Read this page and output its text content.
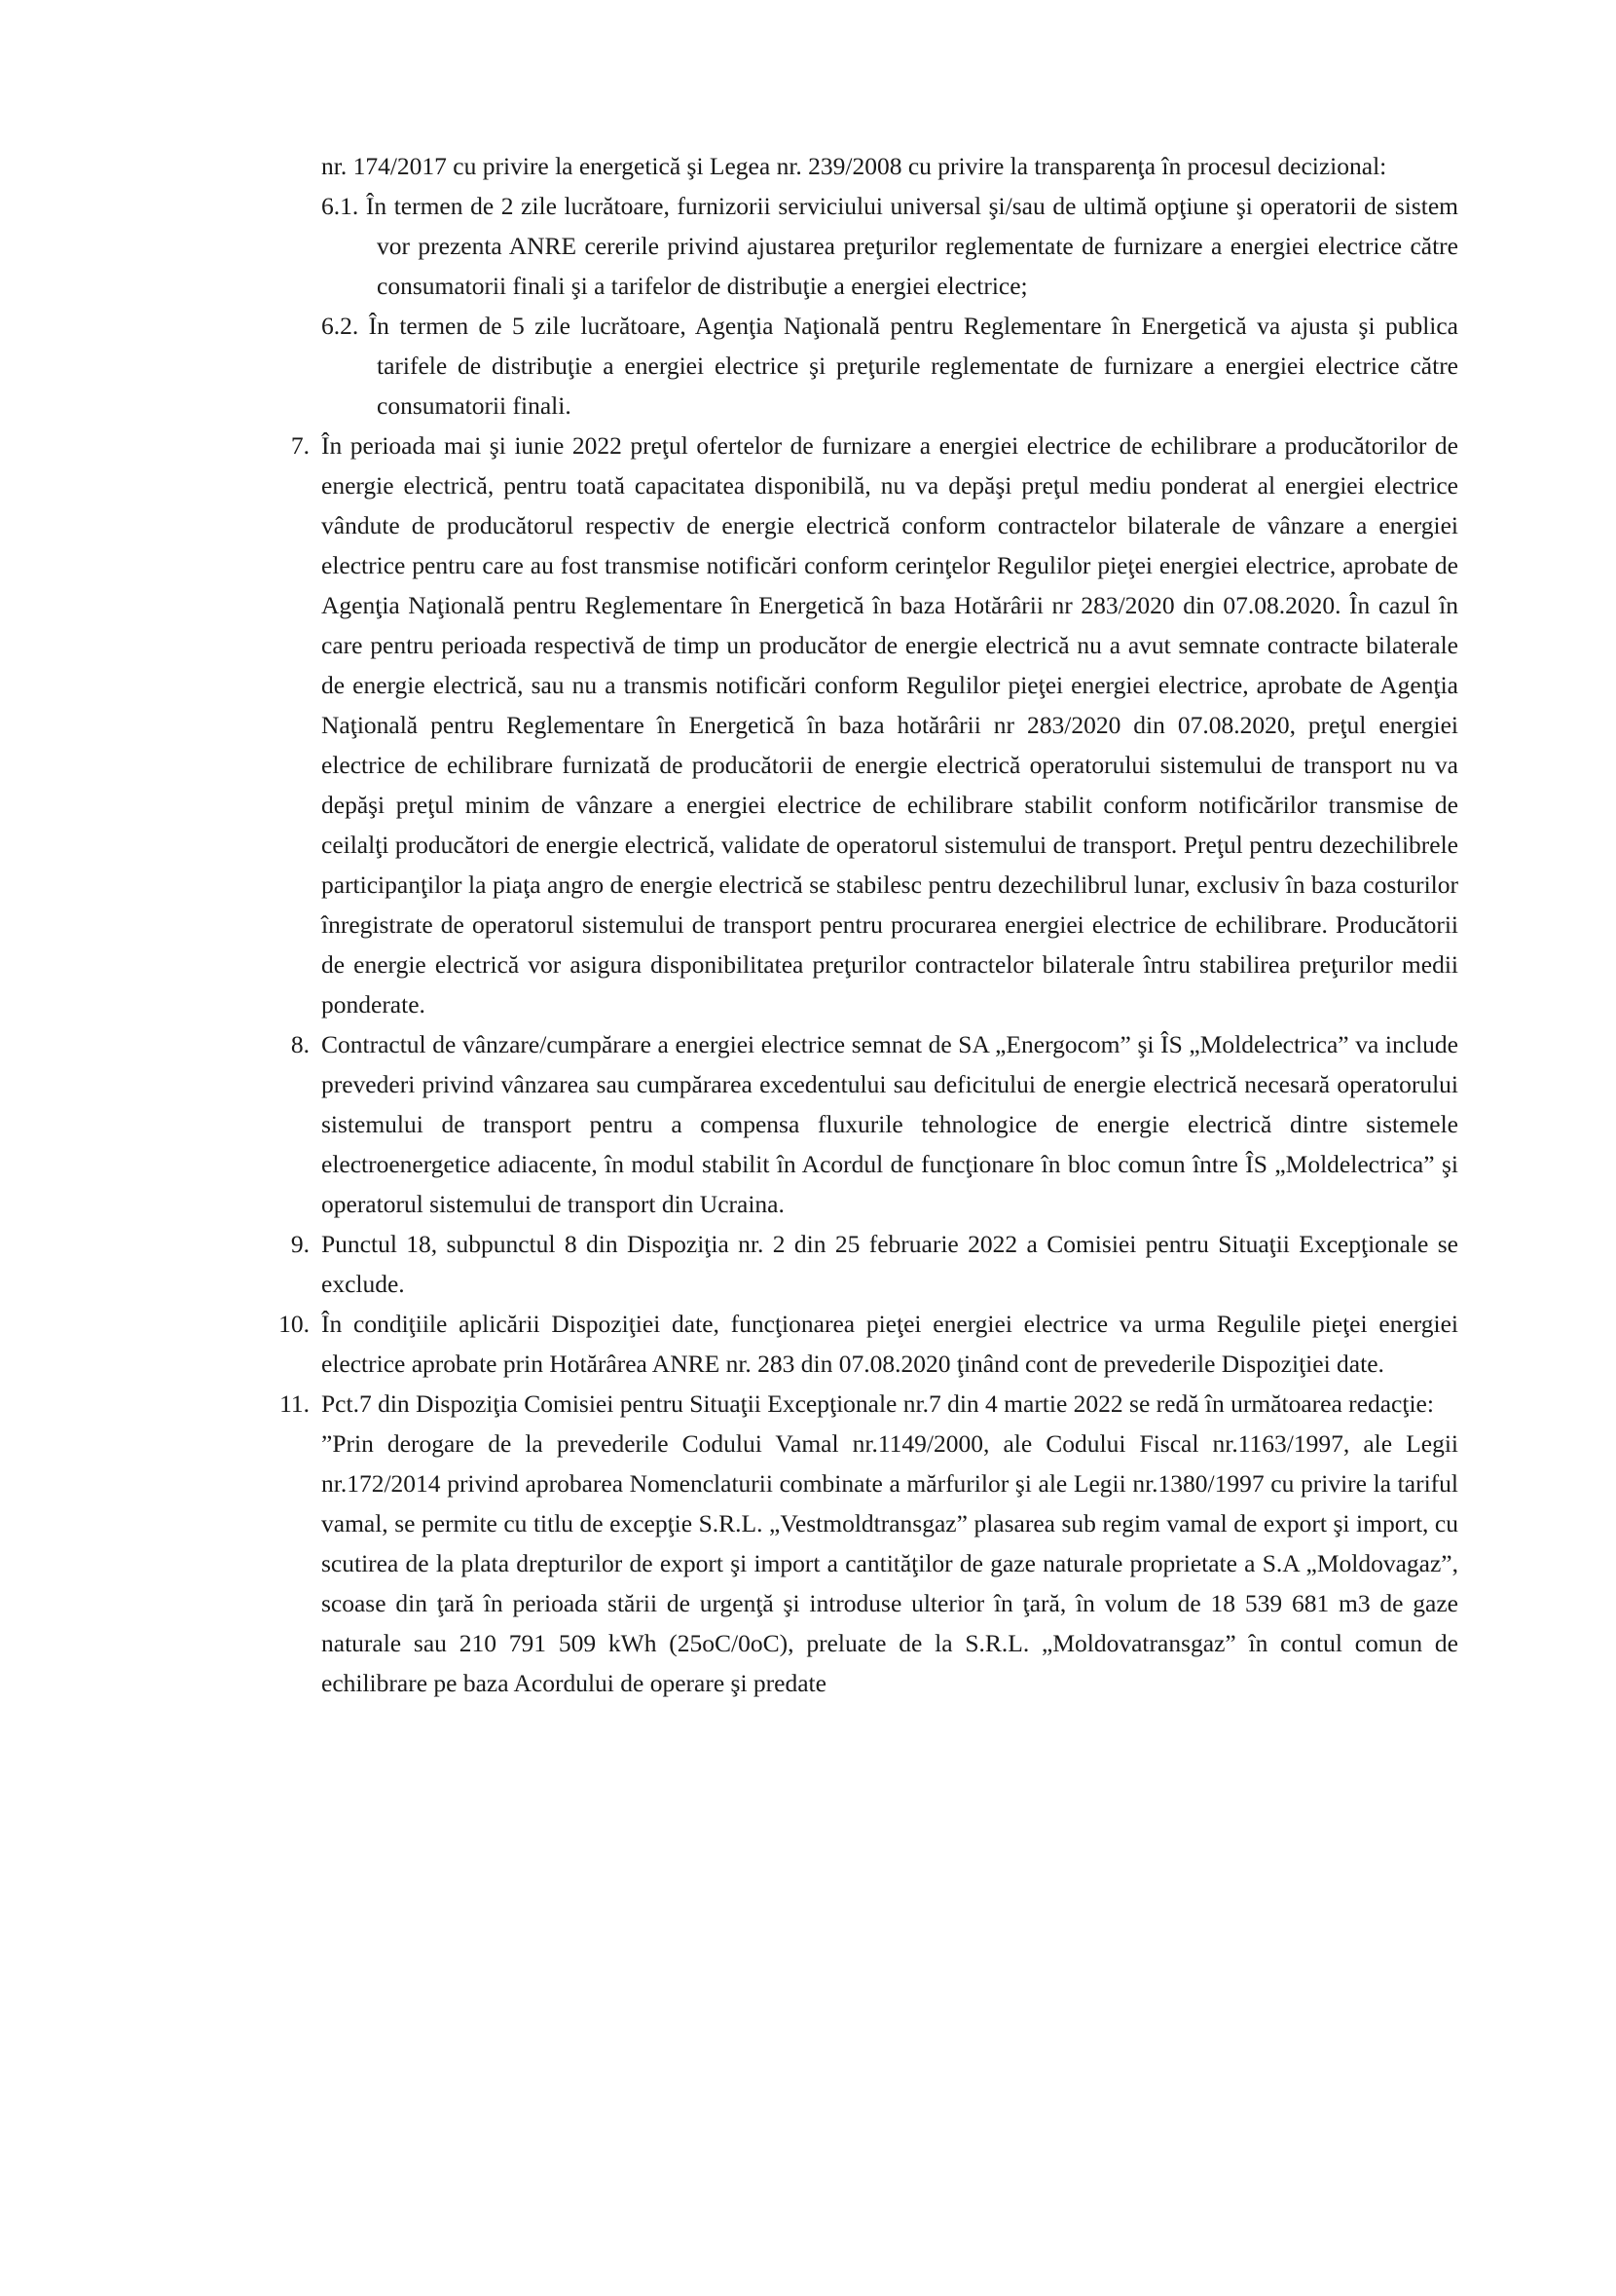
nr. 174/2017 cu privire la energetică şi Legea nr. 239/2008 cu privire la transparenţa în procesul decizional:

6.1. În termen de 2 zile lucrătoare, furnizorii serviciului universal şi/sau de ultimă opţiune şi operatorii de sistem vor prezenta ANRE cererile privind ajustarea preţurilor reglementate de furnizare a energiei electrice către consumatorii finali şi a tarifelor de distribuţie a energiei electrice;

6.2. În termen de 5 zile lucrătoare, Agenţia Naţională pentru Reglementare în Energetică va ajusta şi publica tarifele de distribuţie a energiei electrice şi preţurile reglementate de furnizare a energiei electrice către consumatorii finali.

7. În perioada mai şi iunie 2022 preţul ofertelor de furnizare a energiei electrice de echilibrare a producătorilor de energie electrică, pentru toată capacitatea disponibilă, nu va depăşi preţul mediu ponderat al energiei electrice vândute de producătorul respectiv de energie electrică conform contractelor bilaterale de vânzare a energiei electrice pentru care au fost transmise notificări conform cerinţelor Regulilor pieţei energiei electrice, aprobate de Agenţia Naţională pentru Reglementare în Energetică în baza Hotărârii nr 283/2020 din 07.08.2020. În cazul în care pentru perioada respectivă de timp un producător de energie electrică nu a avut semnate contracte bilaterale de energie electrică, sau nu a transmis notificări conform Regulilor pieţei energiei electrice, aprobate de Agenţia Naţională pentru Reglementare în Energetică în baza hotărârii nr 283/2020 din 07.08.2020, preţul energiei electrice de echilibrare furnizată de producătorii de energie electrică operatorului sistemului de transport nu va depăşi preţul minim de vânzare a energiei electrice de echilibrare stabilit conform notificărilor transmise de ceilalţi producători de energie electrică, validate de operatorul sistemului de transport. Preţul pentru dezechilibrele participanţilor la piaţa angro de energie electrică se stabilesc pentru dezechilibrul lunar, exclusiv în baza costurilor înregistrate de operatorul sistemului de transport pentru procurarea energiei electrice de echilibrare. Producătorii de energie electrică vor asigura disponibilitatea preţurilor contractelor bilaterale întru stabilirea preţurilor medii ponderate.
8. Contractul de vânzare/cumpărare a energiei electrice semnat de SA „Energocom” şi ÎS „Moldelectrica” va include prevederi privind vânzarea sau cumpărarea excedentului sau deficitului de energie electrică necesară operatorului sistemului de transport pentru a compensa fluxurile tehnologice de energie electrică dintre sistemele electroenergetice adiacente, în modul stabilit în Acordul de funcţionare în bloc comun între ÎS „Moldelectrica” şi operatorul sistemului de transport din Ucraina.
9. Punctul 18, subpunctul 8 din Dispoziţia nr. 2 din 25 februarie 2022 a Comisiei pentru Situaţii Excepţionale se exclude.
10. În condiţiile aplicării Dispoziţiei date, funcţionarea pieţei energiei electrice va urma Regulile pieţei energiei electrice aprobate prin Hotărârea ANRE nr. 283 din 07.08.2020 ţinând cont de prevederile Dispoziţiei date.
11. Pct.7 din Dispoziţia Comisiei pentru Situaţii Excepţionale nr.7 din 4 martie 2022 se redă în următoarea redacţie:

”Prin derogare de la prevederile Codului Vamal nr.1149/2000, ale Codului Fiscal nr.1163/1997, ale Legii nr.172/2014 privind aprobarea Nomenclaturii combinate a mărfurilor şi ale Legii nr.1380/1997 cu privire la tariful vamal, se permite cu titlu de excepţie S.R.L. „Vestmoldtransgaz” plasarea sub regim vamal de export şi import, cu scutirea de la plata drepturilor de export şi import a cantităţilor de gaze naturale proprietate a S.A „Moldovagaz”, scoase din ţară în perioada stării de urgenţă şi introduse ulterior în ţară, în volum de 18 539 681 m3 de gaze naturale sau 210 791 509 kWh (25oC/0oC), preluate de la S.R.L. „Moldovatransgaz” în contul comun de echilibrare pe baza Acordului de operare şi predate
